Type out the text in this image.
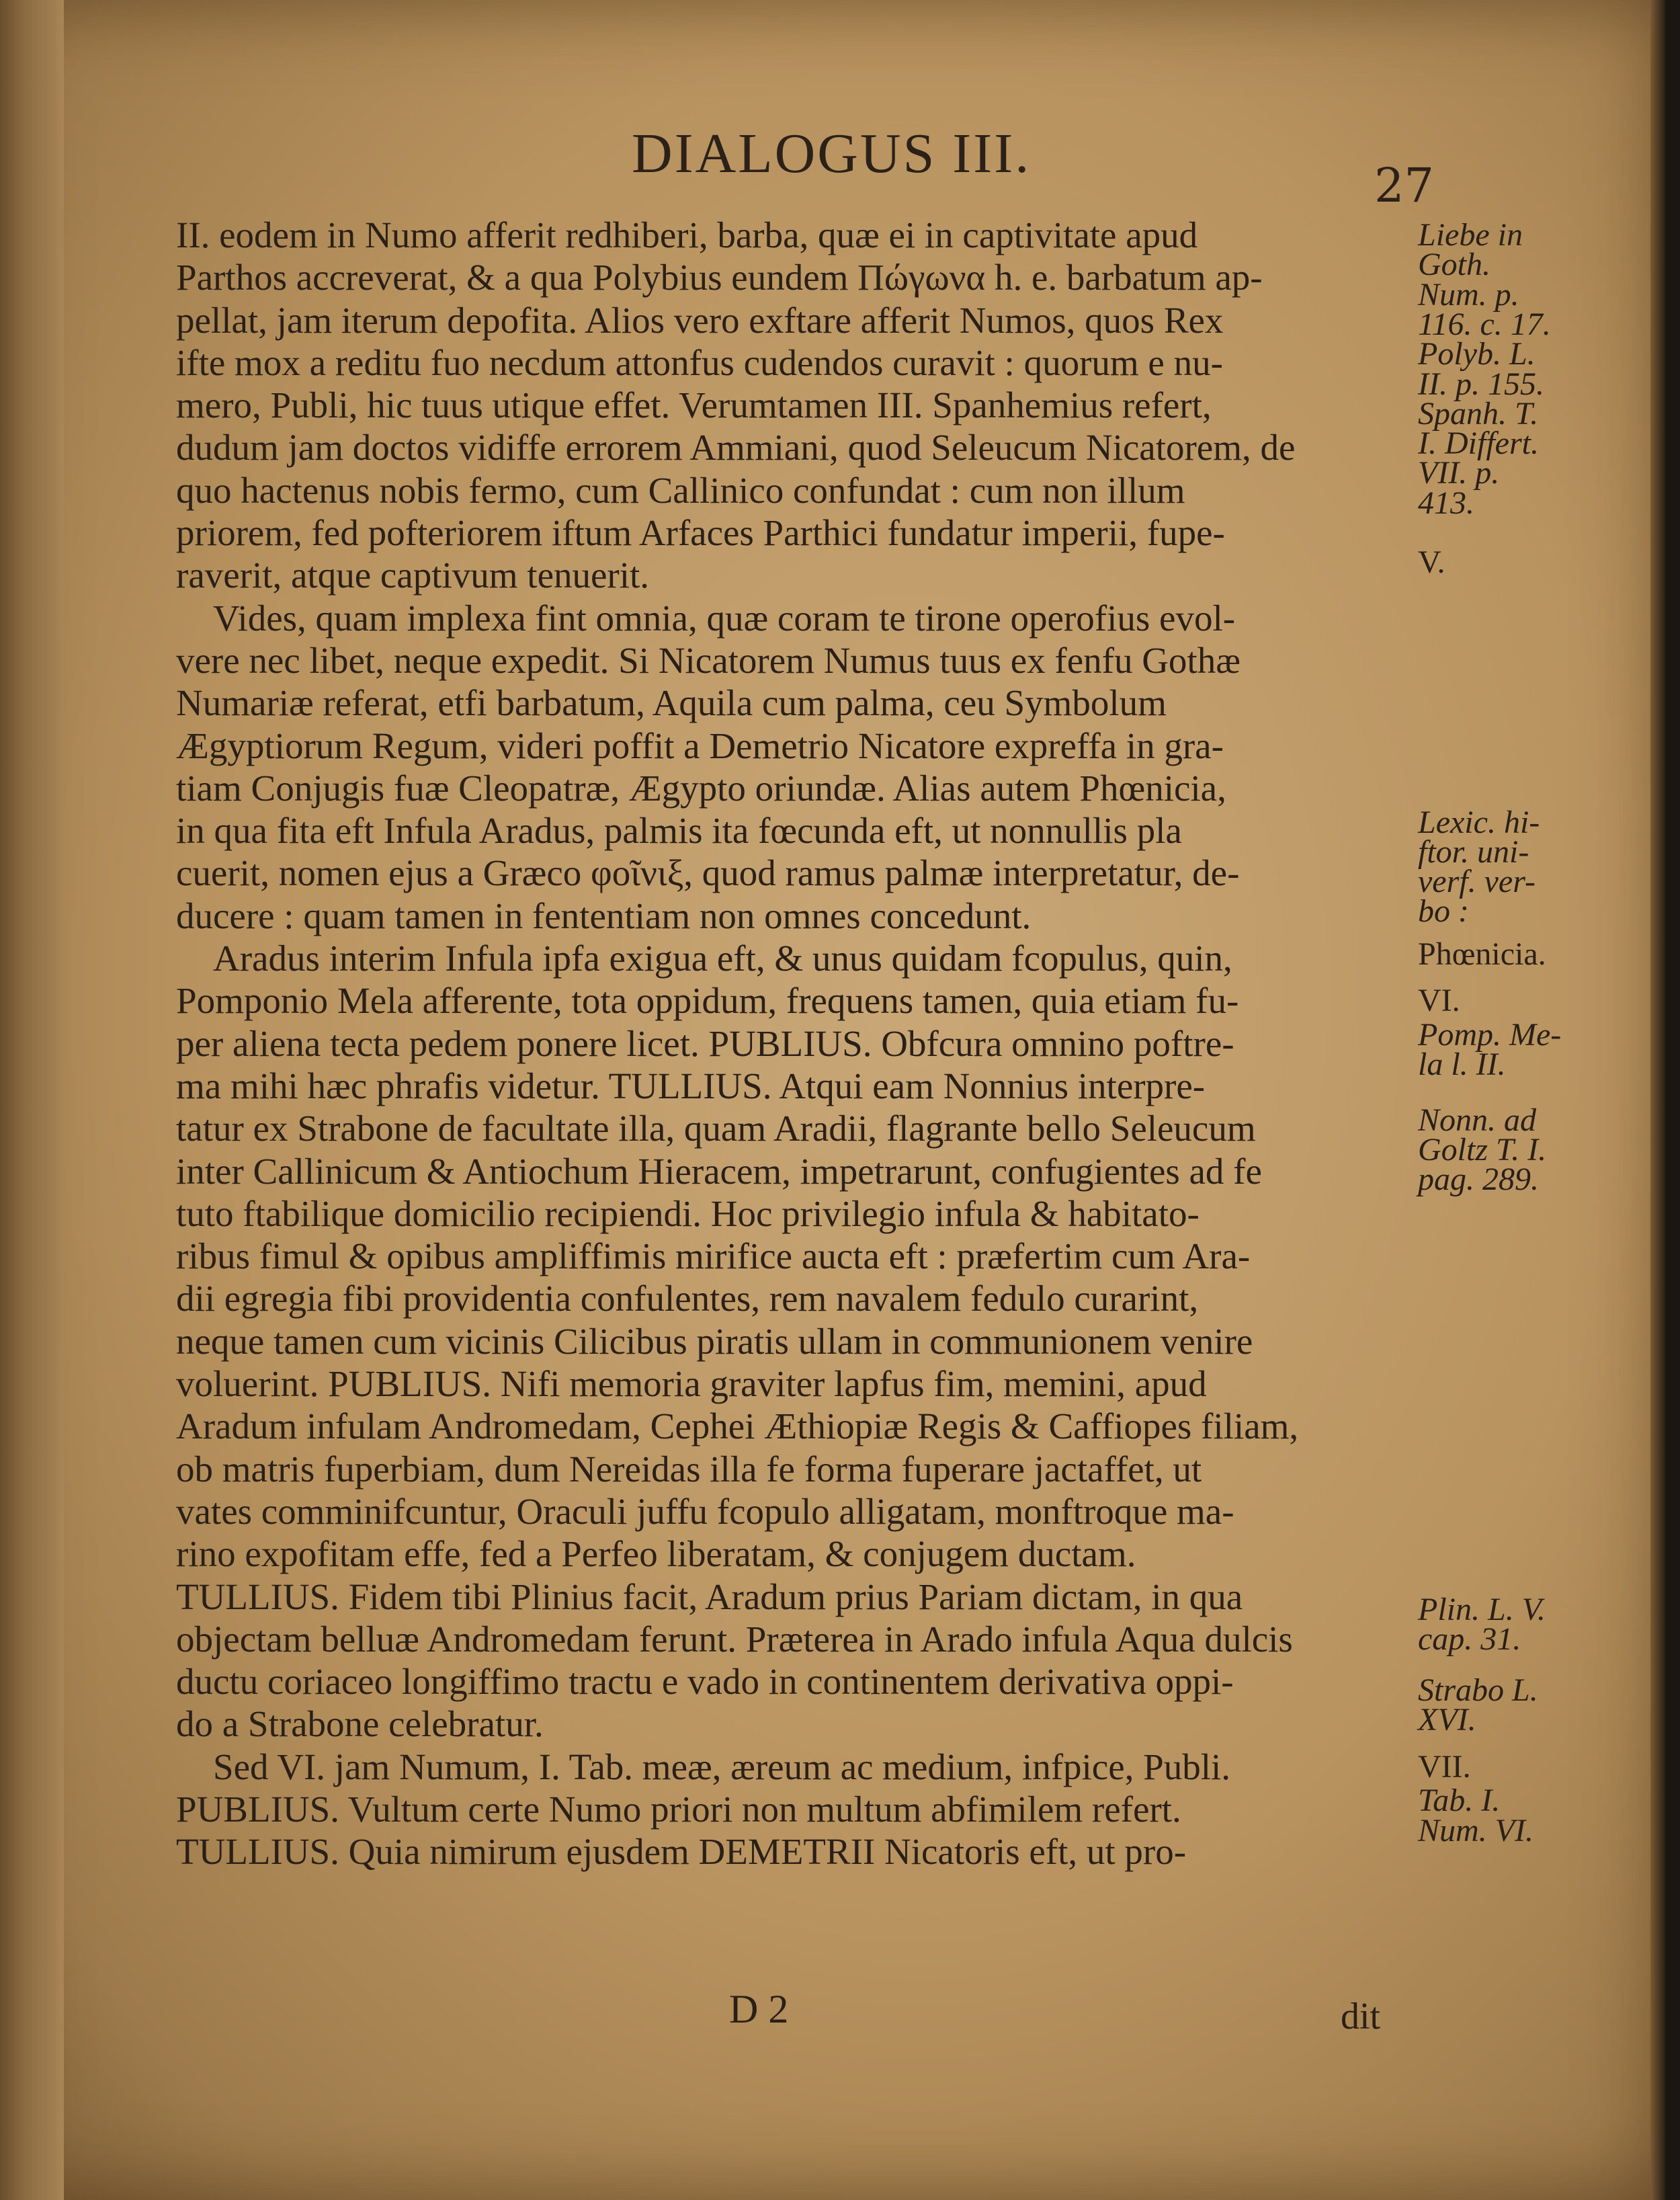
DIALOGUS III.
27
II. eodem in Numo afferit redhiberi, barba, quæ ei in captivitate apud
Parthos accreverat, & a qua Polybius eundem Πώγωνα h. e. barbatum ap-
pellat, jam iterum depofita. Alios vero exftare afferit Numos, quos Rex
ifte mox a reditu fuo necdum attonfus cudendos curavit : quorum e nu-
mero, Publi, hic tuus utique effet. Verumtamen III. Spanhemius refert,
dudum jam doctos vidiffe errorem Ammiani, quod Seleucum Nicatorem, de
quo hactenus nobis fermo, cum Callinico confundat : cum non illum
priorem, fed pofteriorem iftum Arfaces Parthici fundatur imperii, fupe-
raverit, atque captivum tenuerit.
Vides, quam implexa fint omnia, quæ coram te tirone operofius evol-
vere nec libet, neque expedit. Si Nicatorem Numus tuus ex fenfu Gothæ
Numariæ referat, etfi barbatum, Aquila cum palma, ceu Symbolum
Ægyptiorum Regum, videri poffit a Demetrio Nicatore expreffa in gra-
tiam Conjugis fuæ Cleopatræ, Ægypto oriundæ. Alias autem Phœnicia,
in qua fita eft Infula Aradus, palmis ita fœcunda eft, ut nonnullis pla
cuerit, nomen ejus a Græco φοῖνιξ, quod ramus palmæ interpretatur, de-
ducere : quam tamen in fententiam non omnes concedunt.
Aradus interim Infula ipfa exigua eft, & unus quidam fcopulus, quin,
Pomponio Mela afferente, tota oppidum, frequens tamen, quia etiam fu-
per aliena tecta pedem ponere licet. PUBLIUS. Obfcura omnino poftre-
ma mihi hæc phrafis videtur. TULLIUS. Atqui eam Nonnius interpre-
tatur ex Strabone de facultate illa, quam Aradii, flagrante bello Seleucum
inter Callinicum & Antiochum Hieracem, impetrarunt, confugientes ad fe
tuto ftabilique domicilio recipiendi. Hoc privilegio infula & habitato-
ribus fimul & opibus ampliffimis mirifice aucta eft : præfertim cum Ara-
dii egregia fibi providentia confulentes, rem navalem fedulo curarint,
neque tamen cum vicinis Cilicibus piratis ullam in communionem venire
voluerint. PUBLIUS. Nifi memoria graviter lapfus fim, memini, apud
Aradum infulam Andromedam, Cephei Æthiopiæ Regis & Caffiopes filiam,
ob matris fuperbiam, dum Nereidas illa fe forma fuperare jactaffet, ut
vates comminifcuntur, Oraculi juffu fcopulo alligatam, monftroque ma-
rino expofitam effe, fed a Perfeo liberatam, & conjugem ductam.
TULLIUS. Fidem tibi Plinius facit, Aradum prius Pariam dictam, in qua
objectam belluæ Andromedam ferunt. Præterea in Arado infula Aqua dulcis
ductu coriaceo longiffimo tractu e vado in continentem derivativa oppi-
do a Strabone celebratur.
Sed VI. jam Numum, I. Tab. meæ, æreum ac medium, infpice, Publi.
PUBLIUS. Vultum certe Numo priori non multum abfimilem refert.
TULLIUS. Quia nimirum ejusdem DEMETRII Nicatoris eft, ut pro-
Liebe in
Goth.
Num. p.
116. c. 17.
Polyb. L.
II. p. 155.
Spanh. T.
I. Differt.
VII. p.
413.
V.
Lexic. hi-
ftor. uni-
verf. ver-
bo :
Phœnicia.
VI.
Pomp. Me-
la l. II.
Nonn. ad
Goltz T. I.
pag. 289.
Plin. L. V.
cap. 31.
Strabo L.
XVI.
VII.
Tab. I.
Num. VI.
D 2	dit
